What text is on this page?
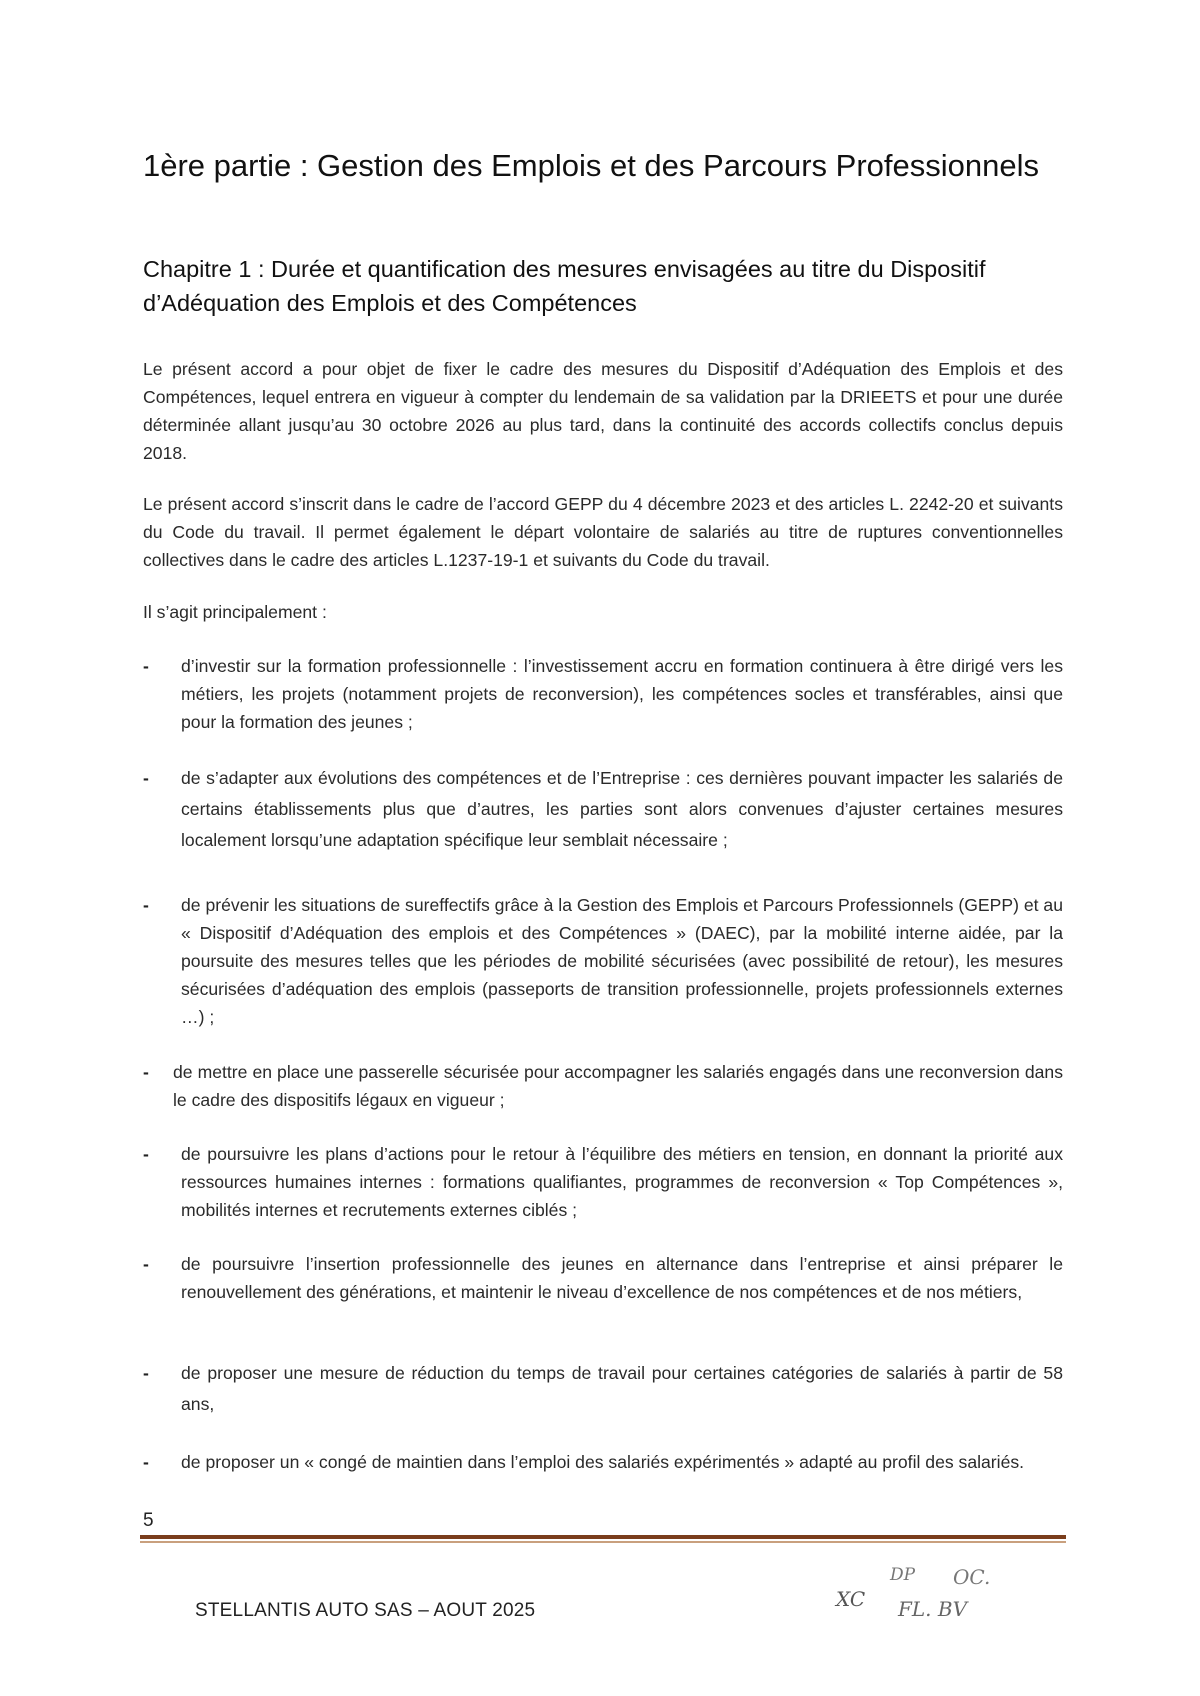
1ère partie : Gestion des Emplois et des Parcours Professionnels
Chapitre 1 : Durée et quantification des mesures envisagées au titre du Dispositif
d’Adéquation des Emplois et des Compétences

Le présent accord a pour objet de fixer le cadre des mesures du Dispositif d’Adéquation des Emplois et des Compétences, lequel entrera en vigueur à compter du lendemain de sa validation par la DRIEETS et pour une durée déterminée allant jusqu’au 30 octobre 2026 au plus tard, dans la continuité des accords collectifs conclus depuis 2018.

Le présent accord s’inscrit dans le cadre de l’accord GEPP du 4 décembre 2023 et des articles L. 2242-20 et suivants du Code du travail. Il permet également le départ volontaire de salariés au titre de ruptures conventionnelles collectives dans le cadre des articles L.1237-19-1 et suivants du Code du travail.

Il s’agit principalement :

- d’investir sur la formation professionnelle : l’investissement accru en formation continuera à être dirigé vers les métiers, les projets (notamment projets de reconversion), les compétences socles et transférables, ainsi que pour la formation des jeunes ;
- de s’adapter aux évolutions des compétences et de l’Entreprise : ces dernières pouvant impacter les salariés de certains établissements plus que d’autres, les parties sont alors convenues d’ajuster certaines mesures localement lorsqu’une adaptation spécifique leur semblait nécessaire ;
- de prévenir les situations de sureffectifs grâce à la Gestion des Emplois et Parcours Professionnels (GEPP) et au « Dispositif d’Adéquation des emplois et des Compétences » (DAEC), par la mobilité interne aidée, par la poursuite des mesures telles que les périodes de mobilité sécurisées (avec possibilité de retour), les mesures sécurisées d’adéquation des emplois (passeports de transition professionnelle, projets professionnels externes …) ;
- de mettre en place une passerelle sécurisée pour accompagner les salariés engagés dans une reconversion dans le cadre des dispositifs légaux en vigueur ;
- de poursuivre les plans d’actions pour le retour à l’équilibre des métiers en tension, en donnant la priorité aux ressources humaines internes : formations qualifiantes, programmes de reconversion « Top Compétences », mobilités internes et recrutements externes ciblés ;
- de poursuivre l’insertion professionnelle des jeunes en alternance dans l’entreprise et ainsi préparer le renouvellement des générations, et maintenir le niveau d’excellence de nos compétences et de nos métiers,
- de proposer une mesure de réduction du temps de travail pour certaines catégories de salariés à partir de 58 ans,
- de proposer un « congé de maintien dans l’emploi des salariés expérimentés » adapté au profil des salariés.
5
XC
DP OC.
FL. BV
STELLANTIS AUTO SAS – AOUT 2025
